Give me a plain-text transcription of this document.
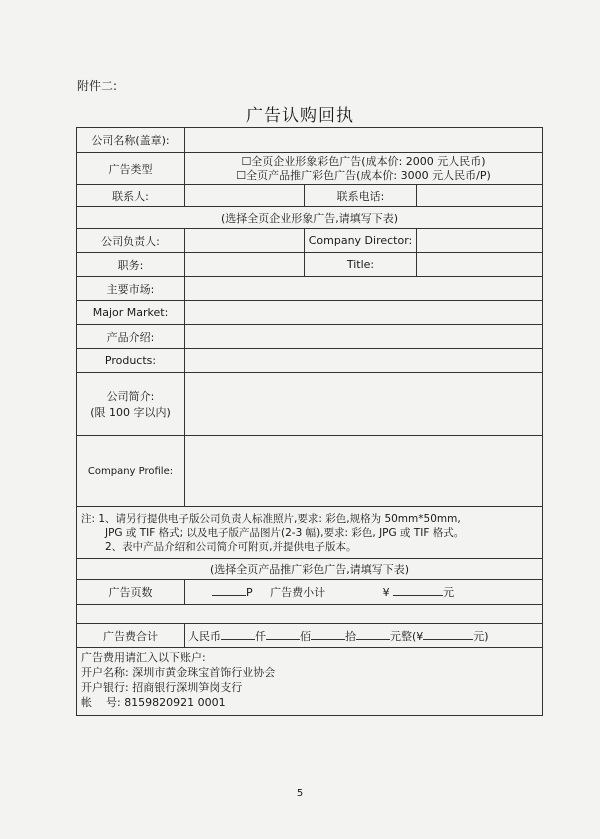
附件二:
广告认购回执
公司名称(盖章):			
广告类型	☐全页企业形象彩色广告(成本价: 2000 元人民币)
☐全页产品推广彩色广告(成本价: 3000 元人民币/P)		

联系人:		联系电话:	
(选择全页企业形象广告,请填写下表)			
公司负责人:		Company Director:	
职务:		Title:	
主要市场:			
Major Market:			
产品介绍:			
Products:			

公司简介:
(限 100 字以内)			

Company Profile:			

注: 1、请另行提供电子版公司负责人标准照片,要求: 彩色,规格为 50mm*50mm,
JPG 或 TIF 格式; 以及电子版产品图片(2-3 幅),要求: 彩色, JPG 或 TIF 格式。
2、表中产品介绍和公司简介可附页,并提供电子版本。			

(选择全页产品推广彩色广告,请填写下表)			
广告页数	P 广告费小计 ¥ 元		

广告费合计	人民币 仟 佰 拾 元整(¥ 元)		

广告费用请汇入以下账户:
开户名称: 深圳市黄金珠宝首饰行业协会
开户银行: 招商银行深圳笋岗支行
帐    号: 8159820921 0001			
5
